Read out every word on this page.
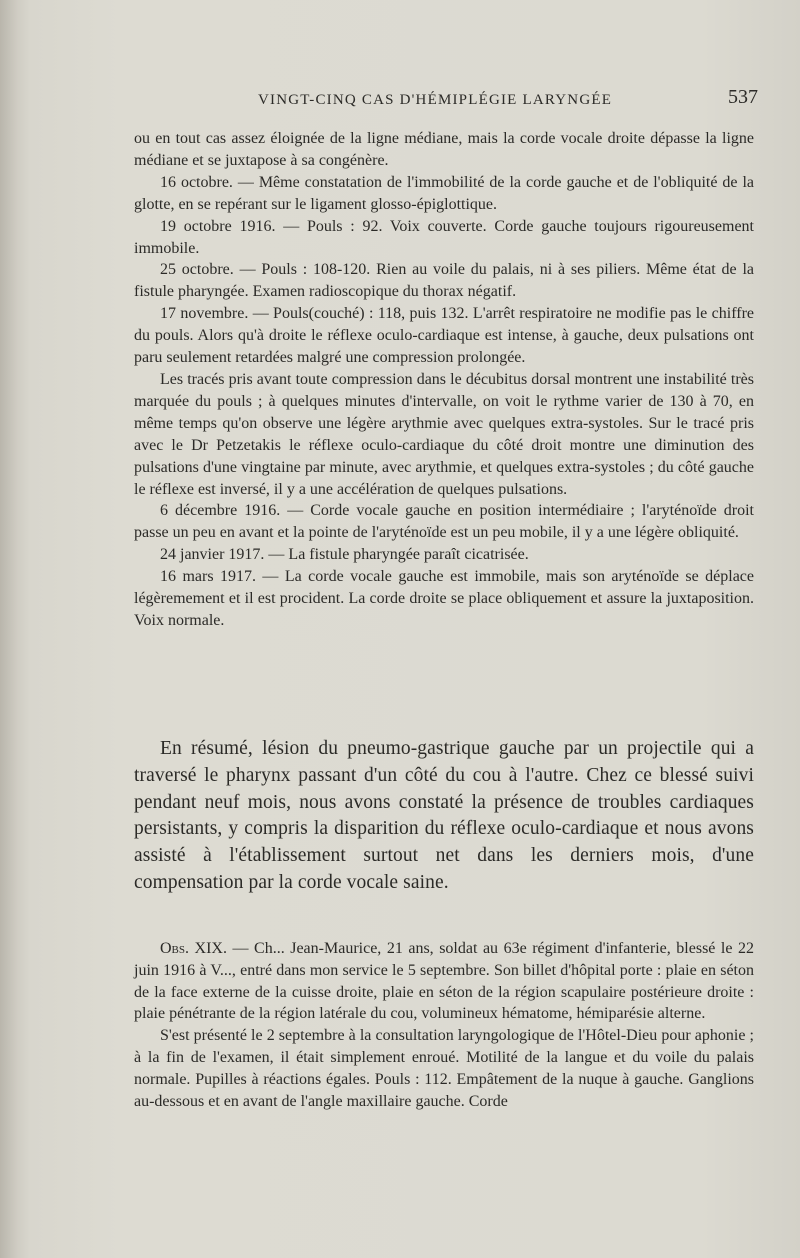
VINGT-CINQ CAS D'HÉMIPLÉGIE LARYNGÉE	537

ou en tout cas assez éloignée de la ligne médiane, mais la corde vocale droite dépasse la ligne médiane et se juxtapose à sa congénère.

16 octobre. — Même constatation de l'immobilité de la corde gauche et de l'obliquité de la glotte, en se repérant sur le ligament glosso-épiglottique.

19 octobre 1916. — Pouls : 92. Voix couverte. Corde gauche toujours rigoureusement immobile.

25 octobre. — Pouls : 108-120. Rien au voile du palais, ni à ses piliers. Même état de la fistule pharyngée. Examen radioscopique du thorax négatif.

17 novembre. — Pouls(couché) : 118, puis 132. L'arrêt respiratoire ne modifie pas le chiffre du pouls. Alors qu'à droite le réflexe oculo-cardiaque est intense, à gauche, deux pulsations ont paru seulement retardées malgré une compression prolongée.

Les tracés pris avant toute compression dans le décubitus dorsal montrent une instabilité très marquée du pouls ; à quelques minutes d'intervalle, on voit le rythme varier de 130 à 70, en même temps qu'on observe une légère arythmie avec quelques extra-systoles. Sur le tracé pris avec le Dr Petzetakis le réflexe oculo-cardiaque du côté droit montre une diminution des pulsations d'une vingtaine par minute, avec arythmie, et quelques extra-systoles ; du côté gauche le réflexe est inversé, il y a une accélération de quelques pulsations.

6 décembre 1916. — Corde vocale gauche en position intermédiaire ; l'aryténoïde droit passe un peu en avant et la pointe de l'aryténoïde est un peu mobile, il y a une légère obliquité.

24 janvier 1917. — La fistule pharyngée paraît cicatrisée.

16 mars 1917. — La corde vocale gauche est immobile, mais son aryténoïde se déplace légèremement et il est procident. La corde droite se place obliquement et assure la juxtaposition. Voix normale.

En résumé, lésion du pneumo-gastrique gauche par un projectile qui a traversé le pharynx passant d'un côté du cou à l'autre. Chez ce blessé suivi pendant neuf mois, nous avons constaté la présence de troubles cardiaques persistants, y compris la disparition du réflexe oculo-cardiaque et nous avons assisté à l'établissement surtout net dans les derniers mois, d'une compensation par la corde vocale saine.

Obs. XIX. — Ch... Jean-Maurice, 21 ans, soldat au 63e régiment d'infanterie, blessé le 22 juin 1916 à V..., entré dans mon service le 5 septembre. Son billet d'hôpital porte : plaie en séton de la face externe de la cuisse droite, plaie en séton de la région scapulaire postérieure droite : plaie pénétrante de la région latérale du cou, volumineux hématome, hémiparésie alterne.

S'est présenté le 2 septembre à la consultation laryngologique de l'Hôtel-Dieu pour aphonie ; à la fin de l'examen, il était simplement enroué. Motilité de la langue et du voile du palais normale. Pupilles à réactions égales. Pouls : 112. Empâtement de la nuque à gauche. Ganglions au-dessous et en avant de l'angle maxillaire gauche. Corde
